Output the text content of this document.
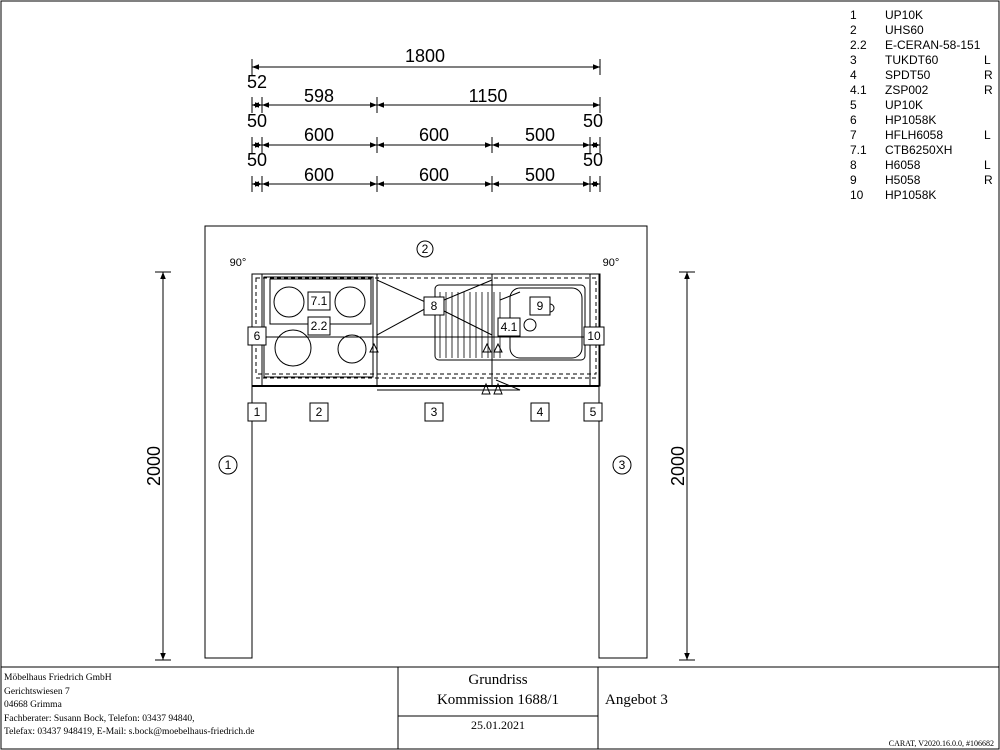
1800
52
598	1150
50
600	600	500
50
50
600	600	500
50
2000	2000
90°	90°
2
1	3
7.1
2.2
6
8	9
4.1
10
1	2	3	4	5
1	UP10K
2	UHS60
2.2	E-CERAN-58-151
3	TUKDT60	L
4	SPDT50	R
4.1	ZSP002	R
5	UP10K
6	HP1058K
7	HFLH6058	L
7.1	CTB6250XH
8	H6058	L
9	H5058	R
10	HP1058K
Möbelhaus Friedrich GmbH
Gerichtswiesen 7
04668 Grimma
Fachberater: Susann Bock, Telefon: 03437 94840,
Telefax: 03437 948419, E-Mail: s.bock@moebelhaus-friedrich.de
Grundriss
Kommission 1688/1
25.01.2021
Angebot 3
CARAT, V2020.16.0.0, #106682
